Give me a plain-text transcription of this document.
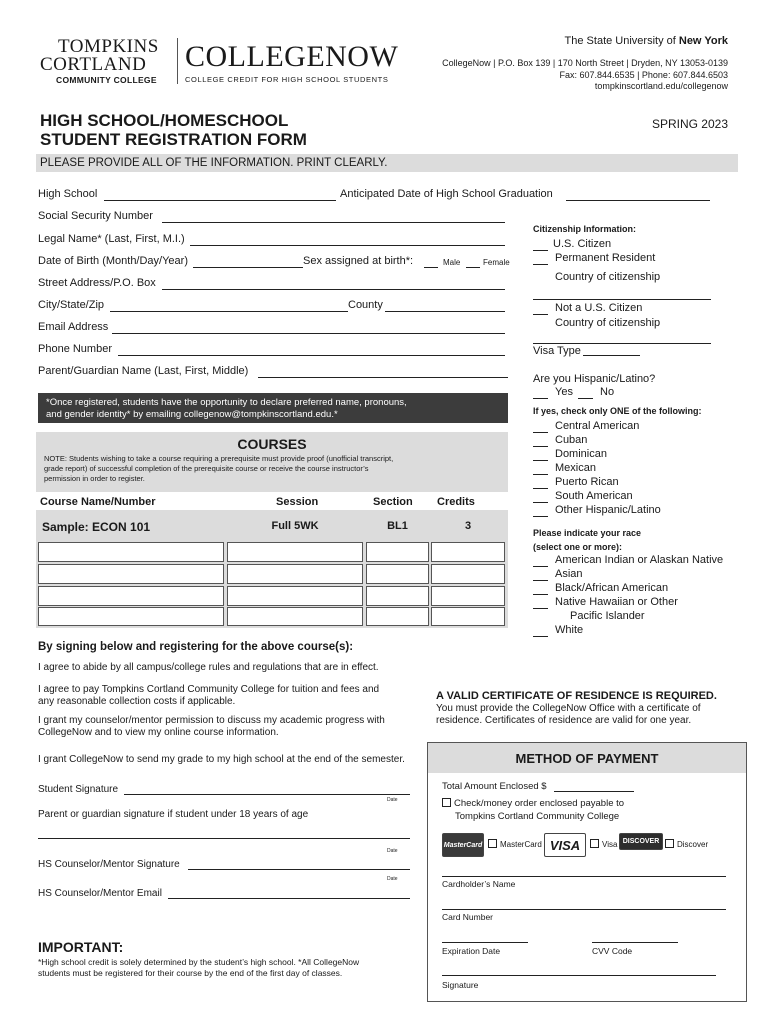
TOMPKINS
CORTLAND
COMMUNITY COLLEGE
COLLEGENOW
COLLEGE CREDIT FOR HIGH SCHOOL STUDENTS
The State University of New York
CollegeNow | P.O. Box 139 | 170 North Street | Dryden, NY 13053-0139
Fax: 607.844.6535 | Phone: 607.844.6503
tompkinscortland.edu/collegenow
HIGH SCHOOL/HOMESCHOOL
STUDENT REGISTRATION FORM
SPRING 2023
PLEASE PROVIDE ALL OF THE INFORMATION. PRINT CLEARLY.
High School	Anticipated Date of High School Graduation
Social Security Number
Legal Name* (Last, First, M.I.)
Date of Birth (Month/Day/Year)	Sex assigned at birth*:	Male	Female
Street Address/P.O. Box
City/State/Zip	County
Email Address
Phone Number
Parent/Guardian Name (Last, First, Middle)
*Once registered, students have the opportunity to declare preferred name, pronouns,
and gender identity* by emailing collegenow@tompkinscortland.edu.*
COURSES
NOTE: Students wishing to take a course requiring a prerequisite must provide proof (unofficial transcript,
grade report) of successful completion of the prerequisite course or receive the course instructor’s
permission in order to register.
Course Name/Number	Session	Section Credits
Sample: ECON 101	Full 5WK	BL1	3
Citizenship Information:
U.S. Citizen
Permanent Resident
Country of citizenship
Not a U.S. Citizen
Country of citizenship
Visa Type
Are you Hispanic/Latino?
Yes No
If yes, check only ONE of the following:
Central American
Cuban
Dominican
Mexican
Puerto Rican
South American
Other Hispanic/Latino
Please indicate your race
(select one or more):
American Indian or Alaskan Native
Asian
Black/African American
Native Hawaiian or Other
Pacific Islander
White
By signing below and registering for the above course(s):
I agree to abide by all campus/college rules and regulations that are in effect.
I agree to pay Tompkins Cortland Community College for tuition and fees and
any reasonable collection costs if applicable.
I grant my counselor/mentor permission to discuss my academic progress with
CollegeNow and to view my online course information.
I grant CollegeNow to send my grade to my high school at the end of the semester.
Student Signature
Date
Parent or guardian signature if student under 18 years of age
Date
HS Counselor/Mentor Signature
Date
HS Counselor/Mentor Email
IMPORTANT:
*High school credit is solely determined by the student’s high school. *All CollegeNow
students must be registered for their course by the end of the first day of classes.
A VALID CERTIFICATE OF RESIDENCE IS REQUIRED.
You must provide the CollegeNow Office with a certificate of
residence. Certificates of residence are valid for one year.
METHOD OF PAYMENT
Total Amount Enclosed $
Check/money order enclosed payable to
Tompkins Cortland Community College
MasterCard	MasterCard VISA	Visa DISCOVER	Discover
Cardholder’s Name
Card Number
Expiration Date	CVV Code
Signature
